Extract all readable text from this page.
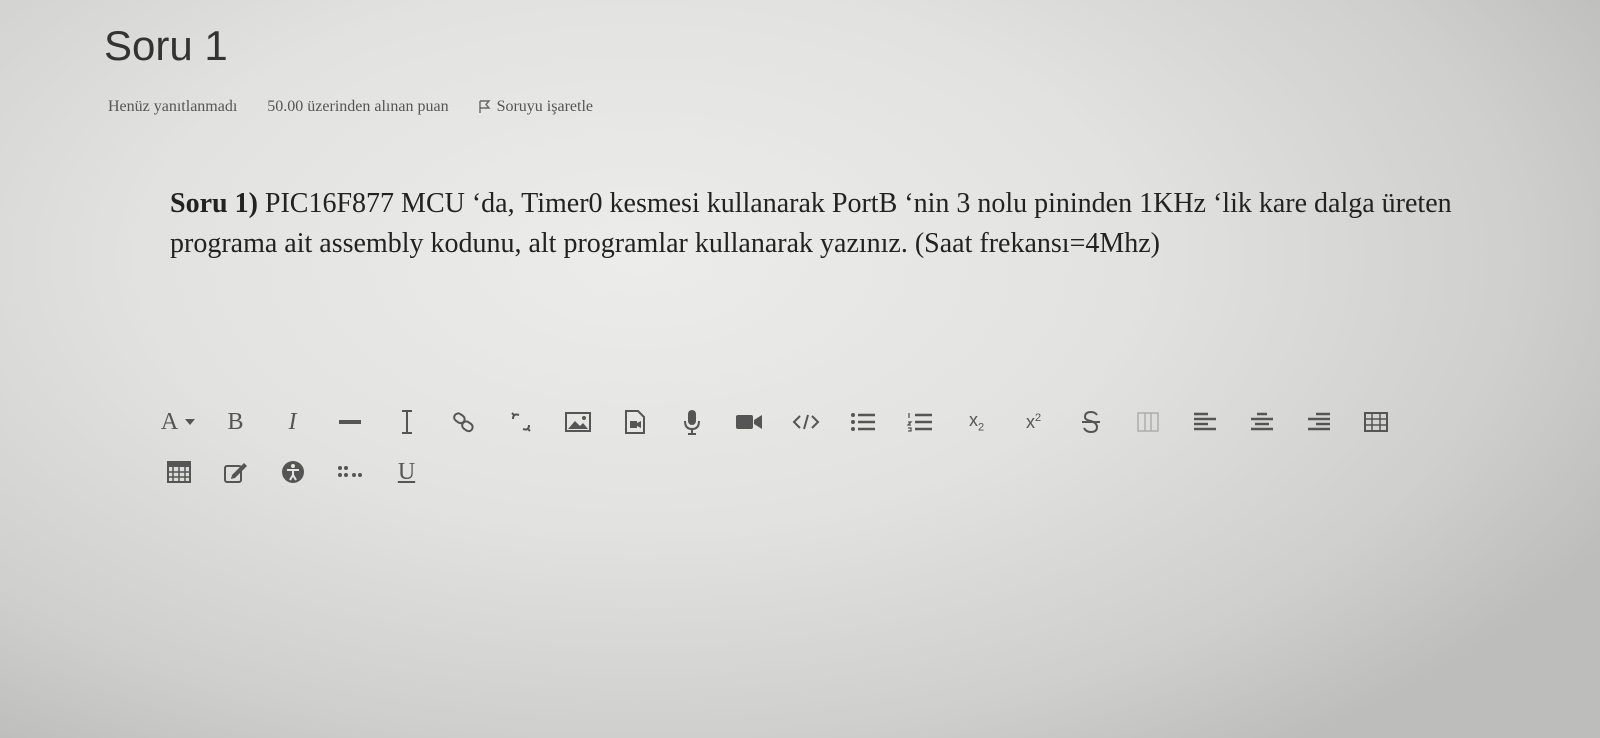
Soru 1
Henüz yanıtlanmadı 50.00 üzerinden alınan puan	Soruyu işaretle

Soru 1) PIC16F877 MCU ‘da, Timer0 kesmesi kullanarak PortB ‘nin 3 nolu pininden 1KHz ‘lik kare dalga üreten programa ait assembly kodunu, alt programlar kullanarak yazınız. (Saat frekansı=4Mhz)

A B I	$x_2$ $x^2$
U
